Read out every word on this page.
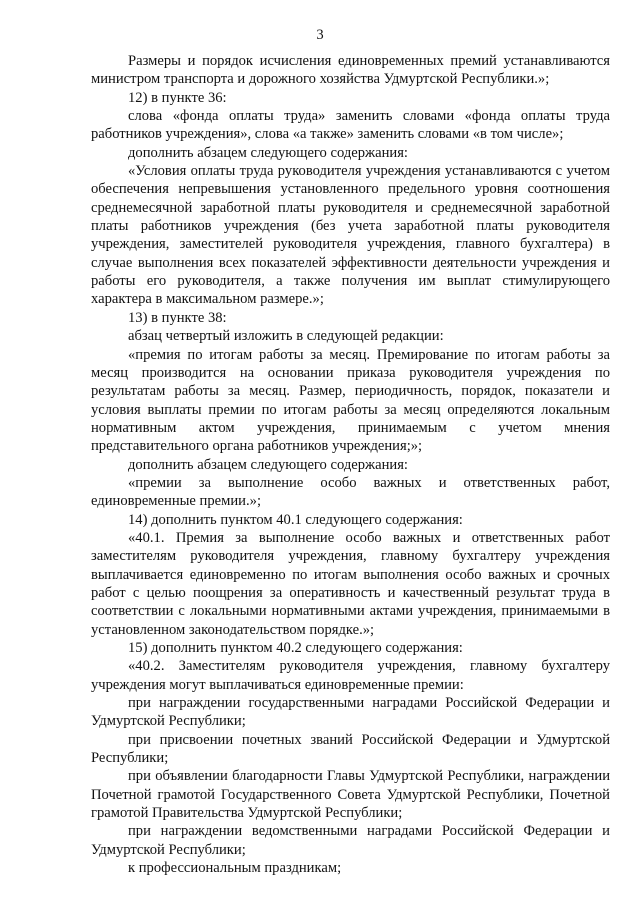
3

Размеры и порядок исчисления единовременных премий устанавливаются министром транспорта и дорожного хозяйства Удмуртской Республики.»;

12) в пункте 36:

слова «фонда оплаты труда» заменить словами «фонда оплаты труда работников учреждения», слова «а также» заменить словами «в том числе»;

дополнить абзацем следующего содержания:

«Условия оплаты труда руководителя учреждения устанавливаются с учетом обеспечения непревышения установленного предельного уровня соотношения среднемесячной заработной платы руководителя и среднемесячной заработной платы работников учреждения (без учета заработной платы руководителя учреждения, заместителей руководителя учреждения, главного бухгалтера) в случае выполнения всех показателей эффективности деятельности учреждения и работы его руководителя, а также получения им выплат стимулирующего характера в максимальном размере.»;

13) в пункте 38:

абзац четвертый изложить в следующей редакции:

«премия по итогам работы за месяц. Премирование по итогам работы за месяц производится на основании приказа руководителя учреждения по результатам работы за месяц. Размер, периодичность, порядок, показатели и условия выплаты премии по итогам работы за месяц определяются локальным нормативным актом учреждения, принимаемым с учетом мнения представительного органа работников учреждения;»;

дополнить абзацем следующего содержания:

«премии за выполнение особо важных и ответственных работ, единовременные премии.»;

14) дополнить пунктом 40.1 следующего содержания:

«40.1. Премия за выполнение особо важных и ответственных работ заместителям руководителя учреждения, главному бухгалтеру учреждения выплачивается единовременно по итогам выполнения особо важных и срочных работ с целью поощрения за оперативность и качественный результат труда в соответствии с локальными нормативными актами учреждения, принимаемыми в установленном законодательством порядке.»;

15) дополнить пунктом 40.2 следующего содержания:

«40.2. Заместителям руководителя учреждения, главному бухгалтеру учреждения могут выплачиваться единовременные премии:

при награждении государственными наградами Российской Федерации и Удмуртской Республики;

при присвоении почетных званий Российской Федерации и Удмуртской Республики;

при объявлении благодарности Главы Удмуртской Республики, награждении Почетной грамотой Государственного Совета Удмуртской Республики, Почетной грамотой Правительства Удмуртской Республики;

при награждении ведомственными наградами Российской Федерации и Удмуртской Республики;

к профессиональным праздникам;
